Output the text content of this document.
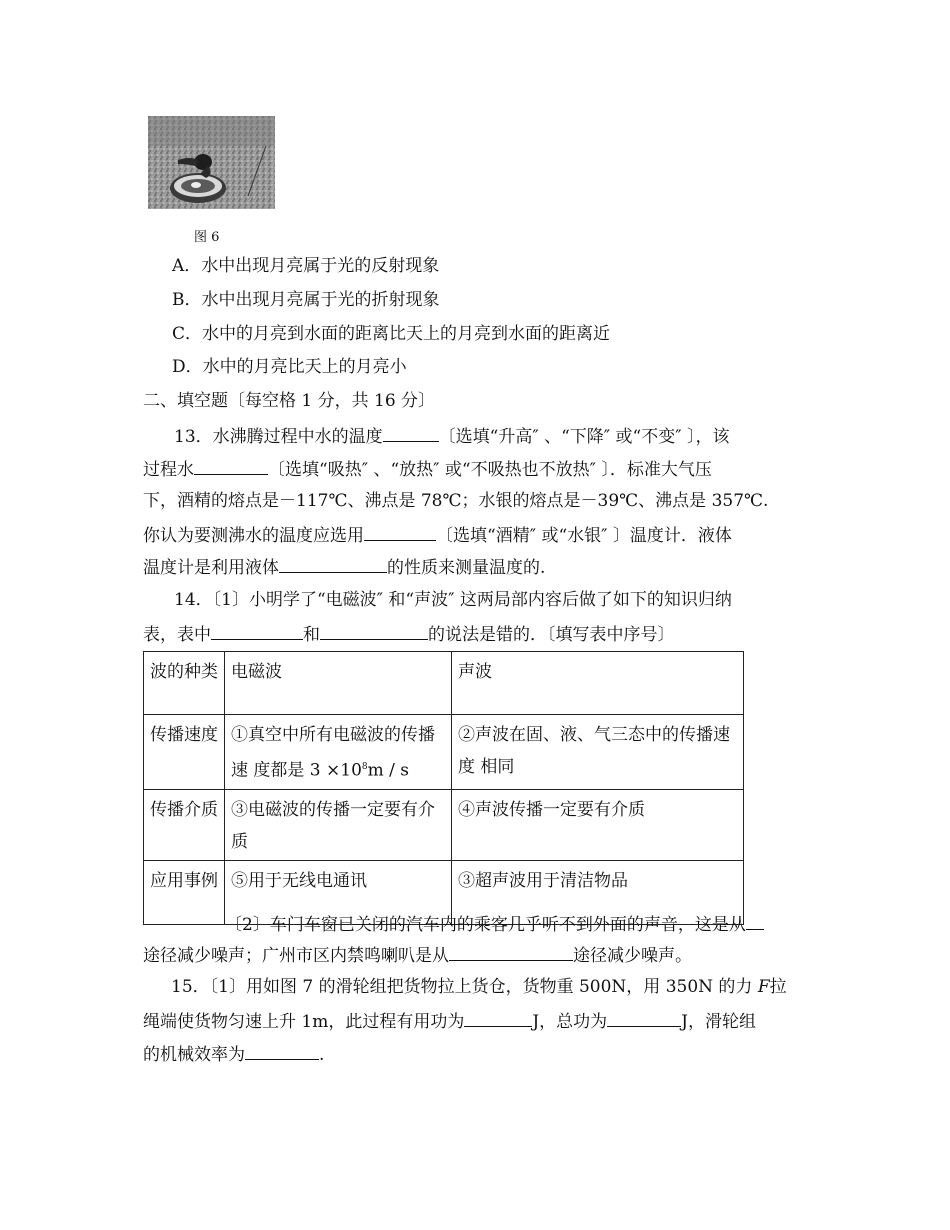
图 6
A．水中出现月亮属于光的反射现象
B．水中出现月亮属于光的折射现象
C．水中的月亮到水面的距离比天上的月亮到水面的距离近
D．水中的月亮比天上的月亮小
二、填空题〔每空格 1 分，共 16 分〕
13．水沸腾过程中水的温度	〔选填“升高″ 、“下降″ 或“不变″ 〕，该
过程水	〔选填“吸热″ 、“放热″ 或“不吸热也不放热″ 〕．标准大气压
下，酒精的熔点是－117℃、沸点是 78℃；水银的熔点是－39℃、沸点是 357℃.
你认为要测沸水的温度应选用	〔选填“酒精″ 或“水银″ 〕温度计．液体
温度计是利用液体	的性质来测量温度的.
14．〔1〕小明学了“电磁波″ 和“声波″ 这两局部内容后做了如下的知识归纳
表，表中	和	的说法是错的．〔填写表中序号〕
波的种类	电磁波	声波
传播速度	①真空中所有电磁波的传播速 度都是 $3 \times 10^8m / s$	②声波在固、液、气三态中的传播速度 相同
传播介质	③电磁波的传播一定要有介质	④声波传播一定要有介质
应用事例	⑤用于无线电通讯	③超声波用于清洁物品
〔2〕车门车窗已关闭的汽车内的乘客几乎听不到外面的声音，这是从
途径减少噪声；广州市区内禁鸣喇叭是从	途径减少噪声。
15．〔1〕用如图 7 的滑轮组把货物拉上货仓，货物重 500N，用 350N 的力 F拉
绳端使货物匀速上升 1m，此过程有用功为	J，总功为	J，滑轮组
的机械效率为	.
